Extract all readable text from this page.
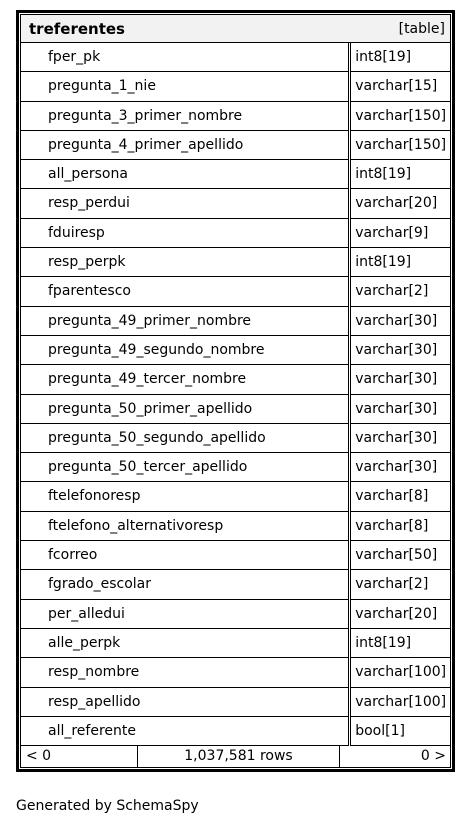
treferentes	[table]
fper_pk	int8[19]
pregunta_1_nie	varchar[15]
pregunta_3_primer_nombre	varchar[150]
pregunta_4_primer_apellido	varchar[150]
all_persona	int8[19]
resp_perdui	varchar[20]
fduiresp	varchar[9]
resp_perpk	int8[19]
fparentesco	varchar[2]
pregunta_49_primer_nombre	varchar[30]
pregunta_49_segundo_nombre	varchar[30]
pregunta_49_tercer_nombre	varchar[30]
pregunta_50_primer_apellido	varchar[30]
pregunta_50_segundo_apellido	varchar[30]
pregunta_50_tercer_apellido	varchar[30]
ftelefonoresp	varchar[8]
ftelefono_alternativoresp	varchar[8]
fcorreo	varchar[50]
fgrado_escolar	varchar[2]
per_alledui	varchar[20]
alle_perpk	int8[19]
resp_nombre	varchar[100]
resp_apellido	varchar[100]
all_referente	bool[1]
< 0	1,037,581 rows	0 >
Generated by SchemaSpy
